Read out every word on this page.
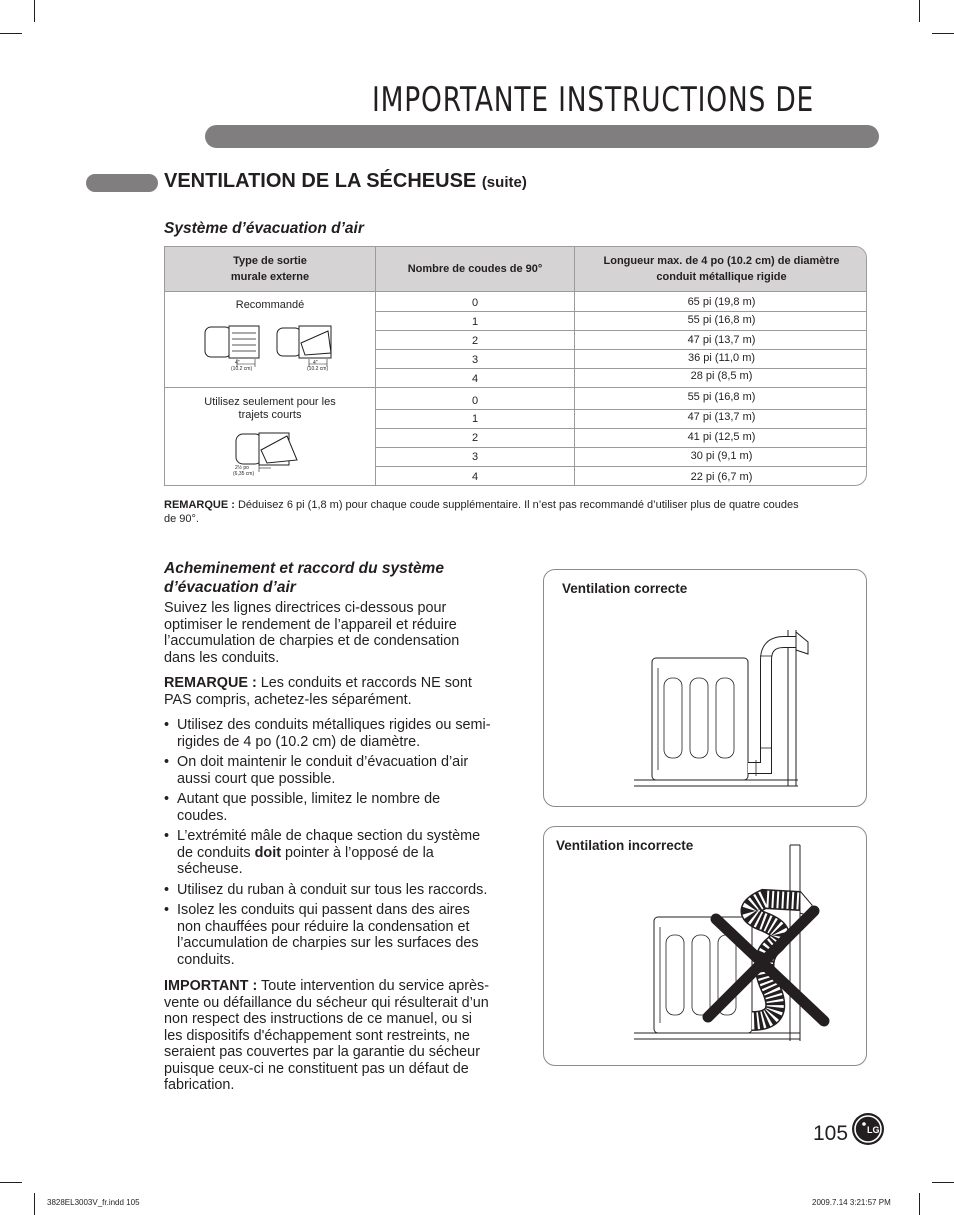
IMPORTANTE INSTRUCTIONS DE
VENTILATION DE LA SÉCHEUSE (suite)
Système d’évacuation d’air
Type de sortie murale externe
Nombre de coudes de 90°
Longueur max. de 4 po (10.2 cm) de diamètre conduit métallique rigide
Recommandé
4"
(10.2 cm)
4"
(10.2 cm)
0
1
2
3
4
65 pi (19,8 m)
55 pi (16,8 m)
47 pi (13,7 m)
36 pi (11,0 m)
28 pi (8,5 m)
Utilisez seulement pour les trajets courts
2½ po
(6,35 cm)
0
1
2
3
4
55 pi (16,8 m)
47 pi (13,7 m)
41 pi (12,5 m)
30 pi (9,1 m)
22 pi (6,7 m)
REMARQUE : Déduisez 6 pi (1,8 m) pour chaque coude supplémentaire. Il n’est pas recommandé d’utiliser plus de quatre coudes de 90°.
Acheminement et raccord du système d’évacuation d’air

Suivez les lignes directrices ci-dessous pour optimiser le rendement de l’appareil et réduire l’accumulation de charpies et de condensation dans les conduits.

REMARQUE : Les conduits et raccords NE sont PAS compris, achetez-les séparément.

• Utilisez des conduits métalliques rigides ou semi-rigides de 4 po (10.2 cm) de diamètre.
• On doit maintenir le conduit d’évacuation d’air aussi court que possible.
• Autant que possible, limitez le nombre de coudes.
• L’extrémité mâle de chaque section du système de conduits doit pointer à l’opposé de la sécheuse.
• Utilisez du ruban à conduit sur tous les raccords.
• Isolez les conduits qui passent dans des aires non chauffées pour réduire la condensation et l’accumulation de charpies sur les surfaces des conduits.

IMPORTANT : Toute intervention du service après-vente ou défaillance du sécheur qui résulterait d’un non respect des instructions de ce manuel, ou si les dispositifs d'échappement sont restreints, ne seraient pas couvertes par la garantie du sécheur puisque ceux-ci ne constituent pas un défaut de fabrication.

Ventilation correcte
Ventilation incorrecte
105 LG
3828EL3003V_fr.indd 105	2009.7.14 3:21:57 PM
